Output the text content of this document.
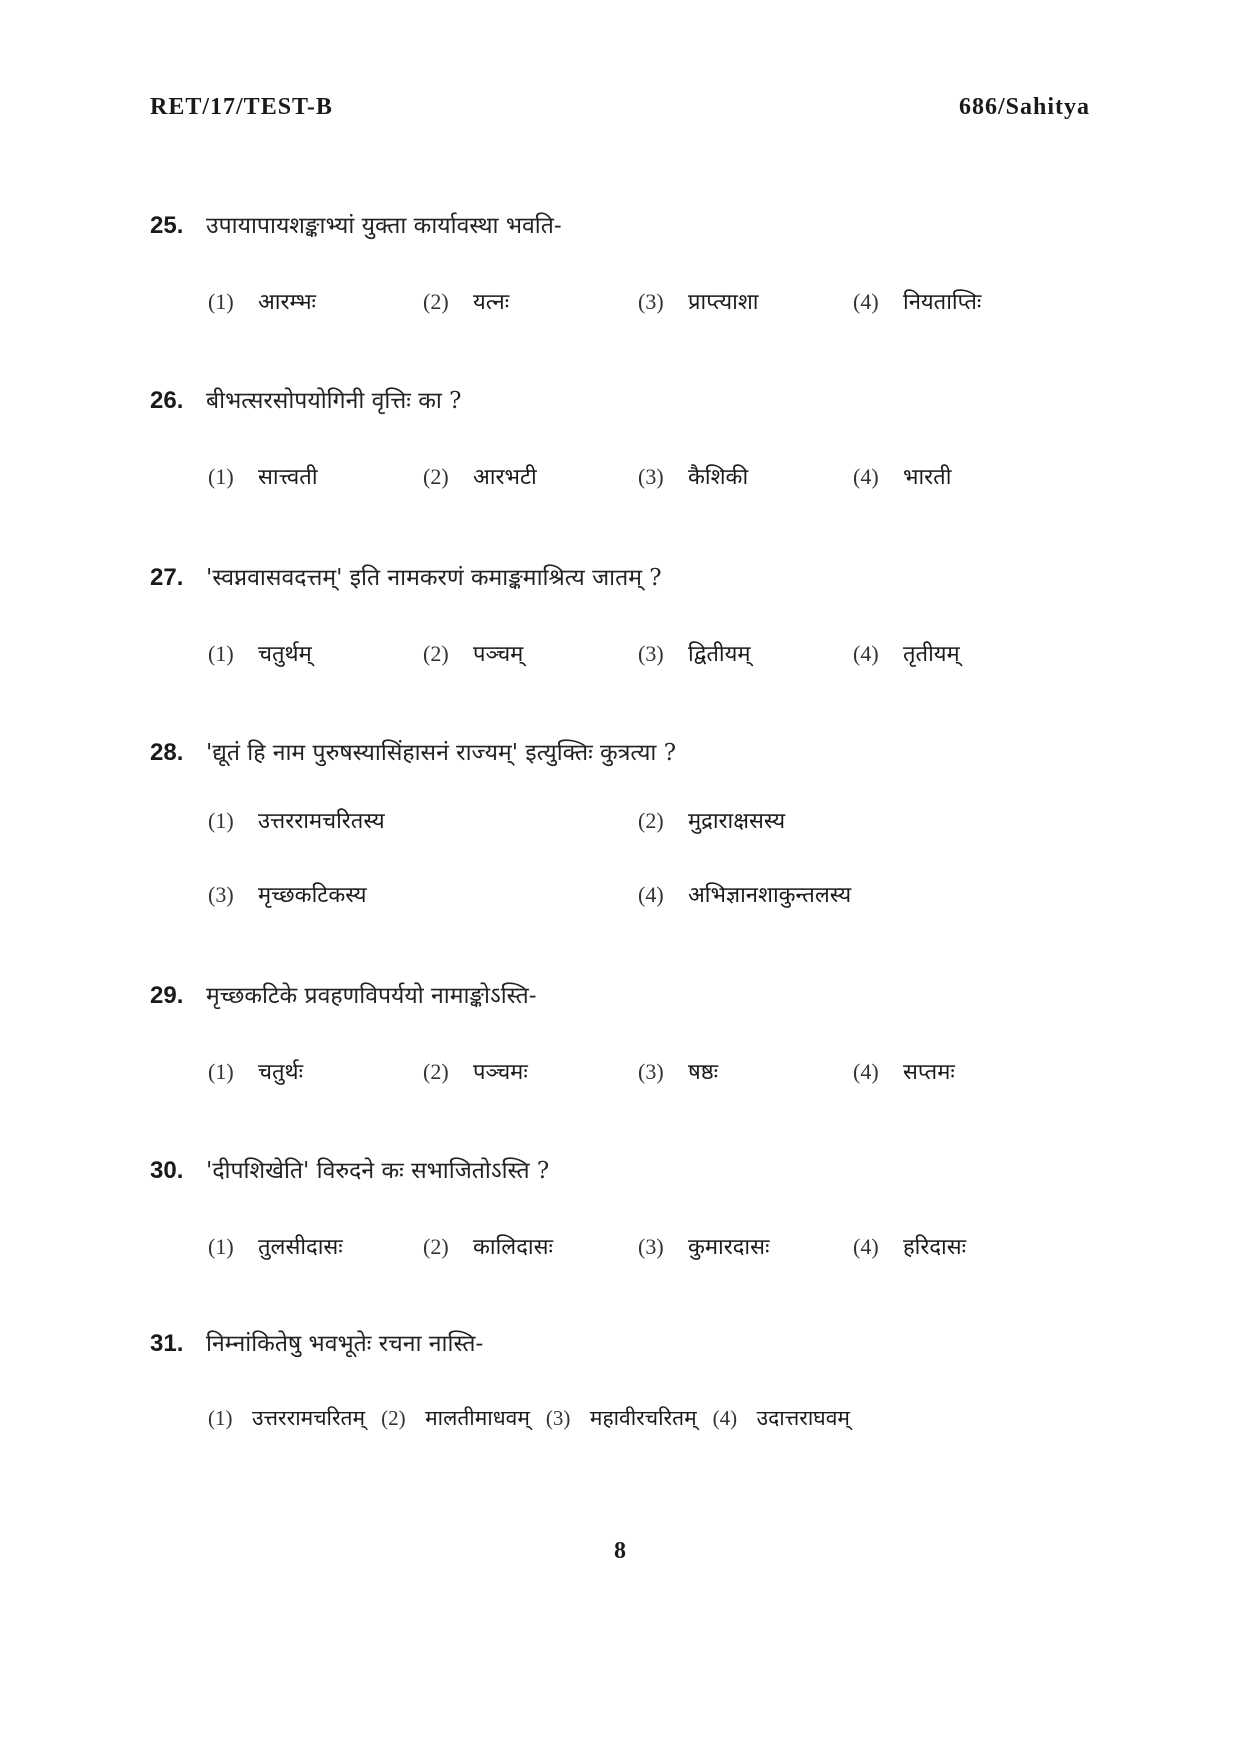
RET/17/TEST-B	686/Sahitya
25. उपायापायशङ्काभ्यां युक्ता कार्यावस्था भवति-
(1)	आरम्भः	(2)	यत्नः	(3)	प्राप्त्याशा	(4)	नियताप्तिः
26. बीभत्सरसोपयोगिनी वृत्तिः का ?
(1)	सात्त्वती	(2)	आरभटी	(3)	कैशिकी	(4)	भारती
27. 'स्वप्नवासवदत्तम्' इति नामकरणं कमाङ्कमाश्रित्य जातम् ?
(1)	चतुर्थम्	(2)	पञ्चम्	(3)	द्वितीयम्	(4)	तृतीयम्
28. 'द्यूतं हि नाम पुरुषस्यासिंहासनं राज्यम्' इत्युक्तिः कुत्रत्या ?
(1)	उत्तररामचरितस्य	(2)	मुद्राराक्षसस्य
(3)	मृच्छकटिकस्य	(4)	अभिज्ञानशाकुन्तलस्य
29. मृच्छकटिके प्रवहणविपर्ययो नामाङ्कोऽस्ति-
(1)	चतुर्थः	(2)	पञ्चमः	(3)	षष्ठः	(4)	सप्तमः
30. 'दीपशिखेति' विरुदने कः सभाजितोऽस्ति ?
(1)	तुलसीदासः	(2)	कालिदासः	(3)	कुमारदासः	(4)	हरिदासः
31. निम्नांकितेषु भवभूतेः रचना नास्ति-
(1) उत्तररामचरितम् (2) मालतीमाधवम् (3) महावीरचरितम् (4) उदात्तराघवम्
8
